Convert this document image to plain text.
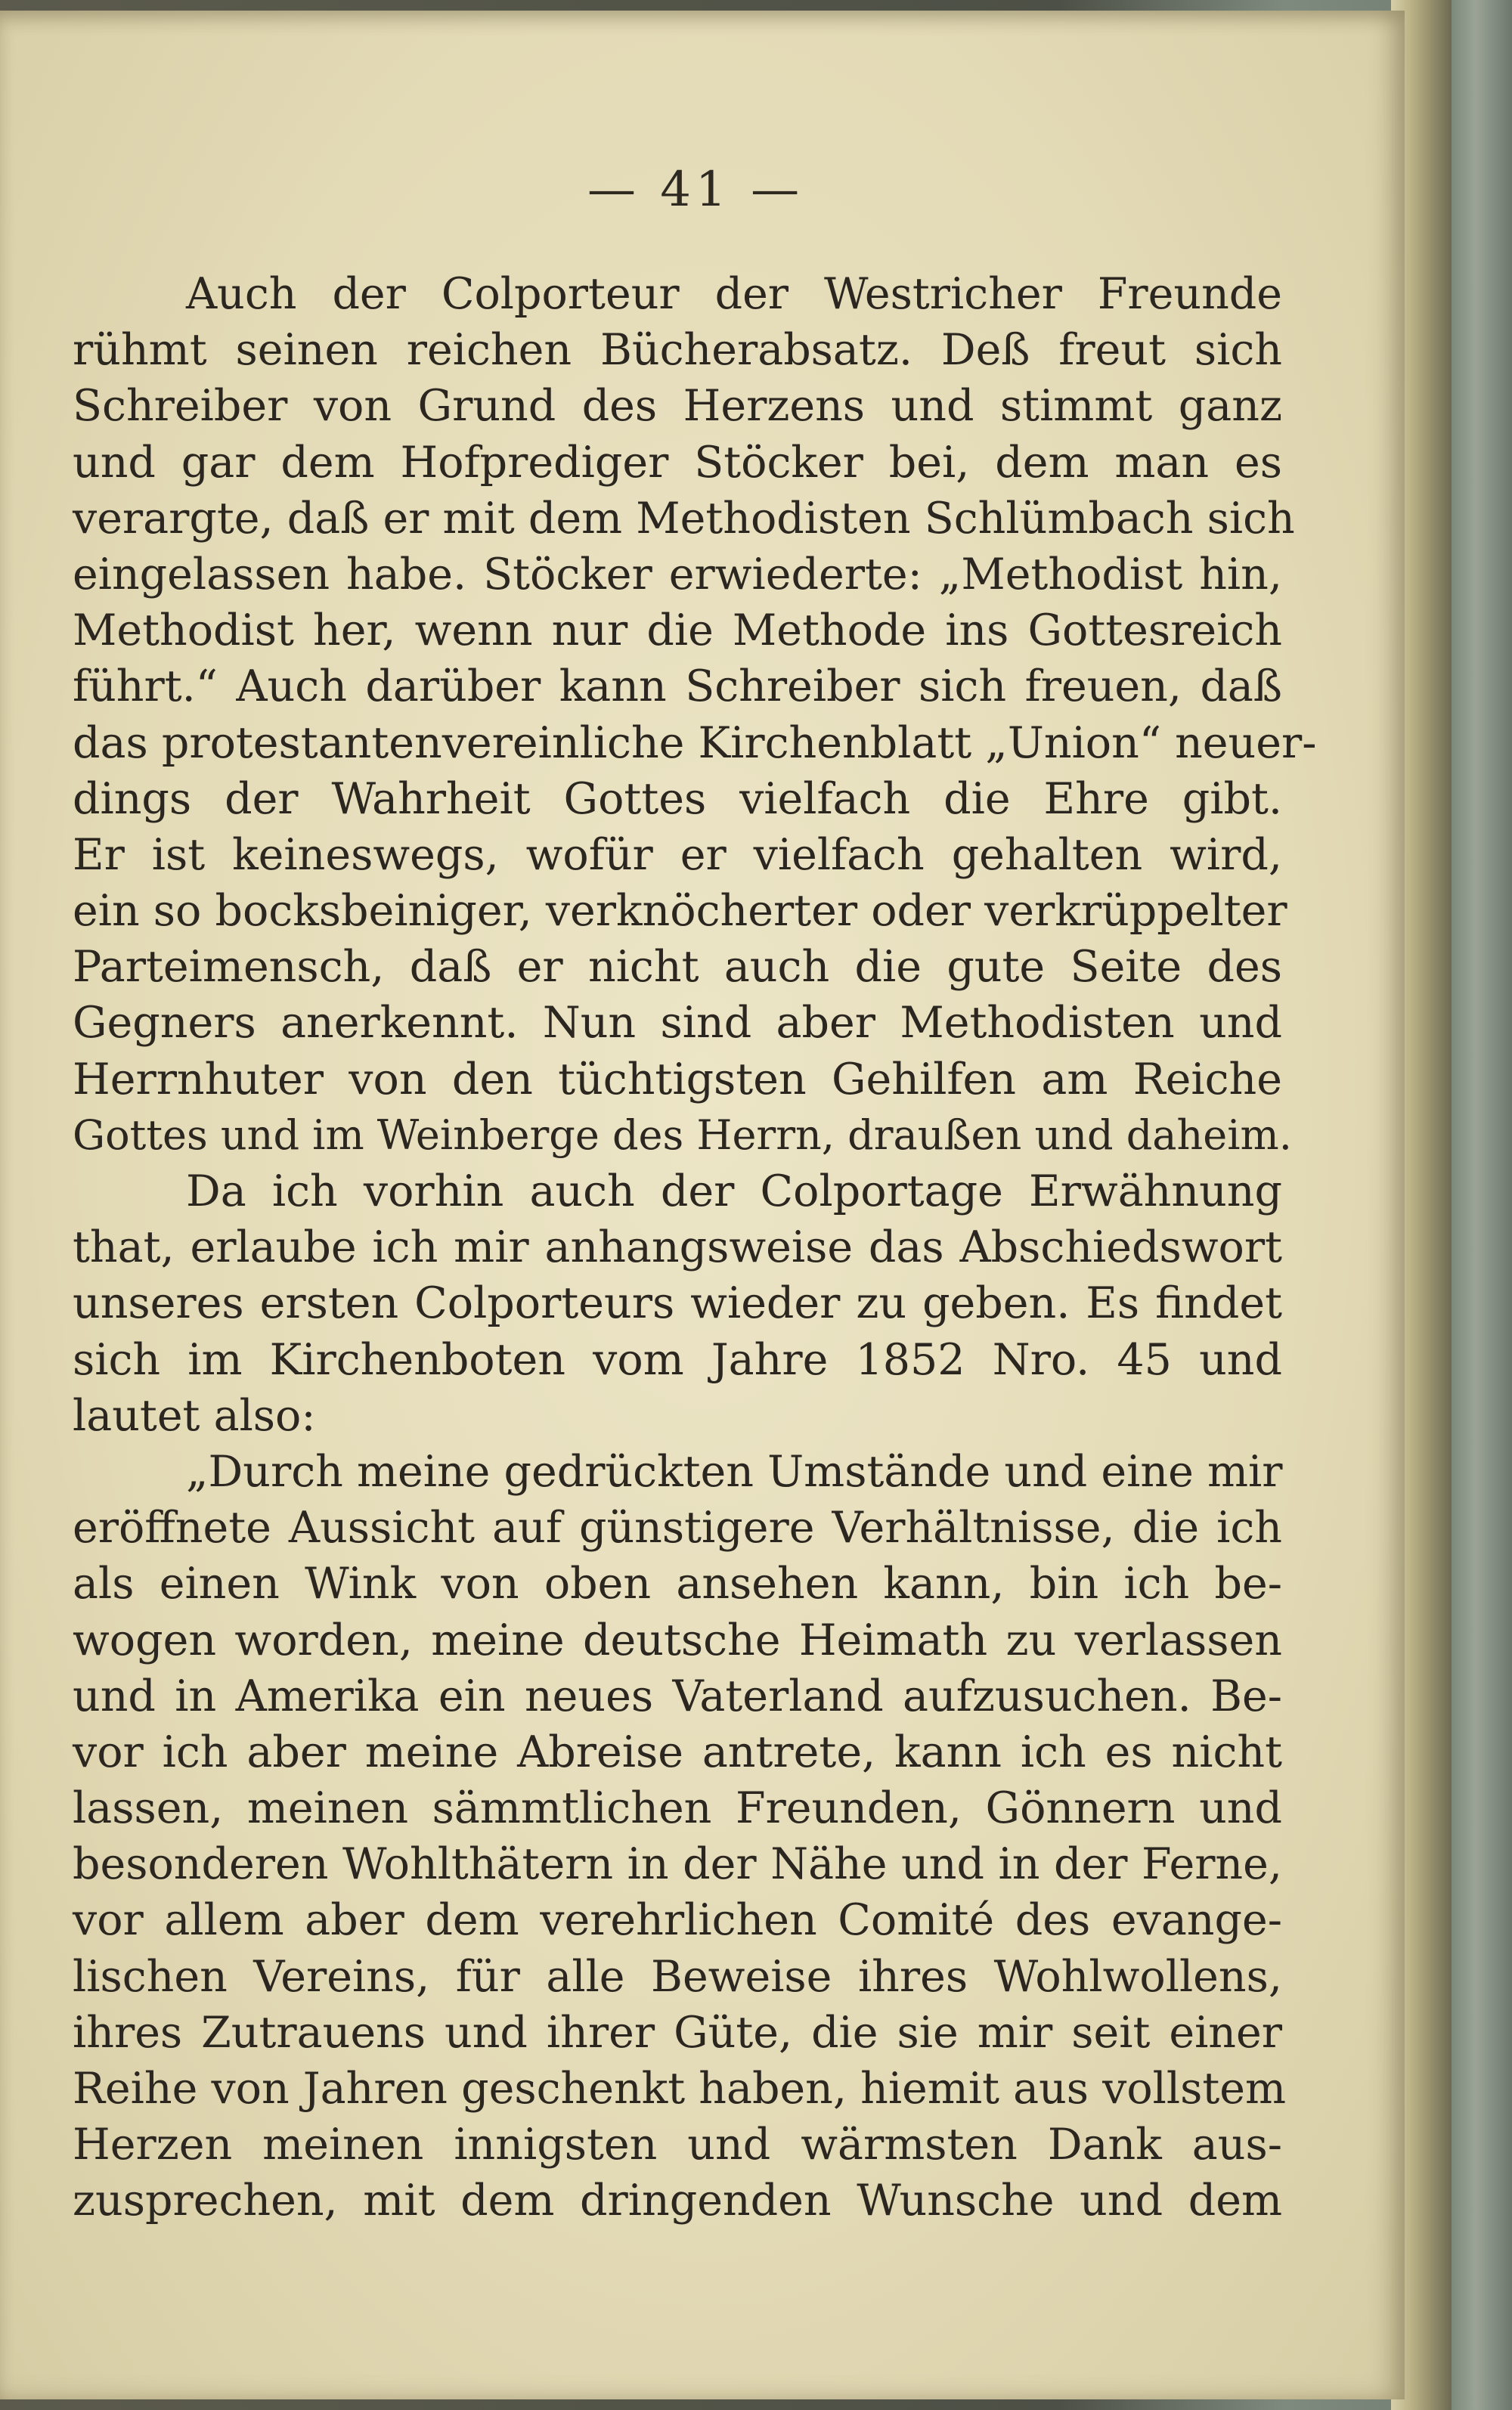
— 41 —
Auch der Colporteur der Westricher Freunde
rühmt seinen reichen Bücherabsatz. Deß freut sich
Schreiber von Grund des Herzens und stimmt ganz
und gar dem Hofprediger Stöcker bei, dem man es
verargte, daß er mit dem Methodisten Schlümbach sich
eingelassen habe. Stöcker erwiederte: „Methodist hin,
Methodist her, wenn nur die Methode ins Gottesreich
führt.“ Auch darüber kann Schreiber sich freuen, daß
das protestantenvereinliche Kirchenblatt „Union“ neuer-
dings der Wahrheit Gottes vielfach die Ehre gibt.
Er ist keineswegs, wofür er vielfach gehalten wird,
ein so bocksbeiniger, verknöcherter oder verkrüppelter
Parteimensch, daß er nicht auch die gute Seite des
Gegners anerkennt. Nun sind aber Methodisten und
Herrnhuter von den tüchtigsten Gehilfen am Reiche
Gottes und im Weinberge des Herrn, draußen und daheim.
Da ich vorhin auch der Colportage Erwähnung
that, erlaube ich mir anhangsweise das Abschiedswort
unseres ersten Colporteurs wieder zu geben. Es findet
sich im Kirchenboten vom Jahre 1852 Nro. 45 und
lautet also:
„Durch meine gedrückten Umstände und eine mir
eröffnete Aussicht auf günstigere Verhältnisse, die ich
als einen Wink von oben ansehen kann, bin ich be-
wogen worden, meine deutsche Heimath zu verlassen
und in Amerika ein neues Vaterland aufzusuchen. Be-
vor ich aber meine Abreise antrete, kann ich es nicht
lassen, meinen sämmtlichen Freunden, Gönnern und
besonderen Wohlthätern in der Nähe und in der Ferne,
vor allem aber dem verehrlichen Comité des evange-
lischen Vereins, für alle Beweise ihres Wohlwollens,
ihres Zutrauens und ihrer Güte, die sie mir seit einer
Reihe von Jahren geschenkt haben, hiemit aus vollstem
Herzen meinen innigsten und wärmsten Dank aus-
zusprechen, mit dem dringenden Wunsche und dem
